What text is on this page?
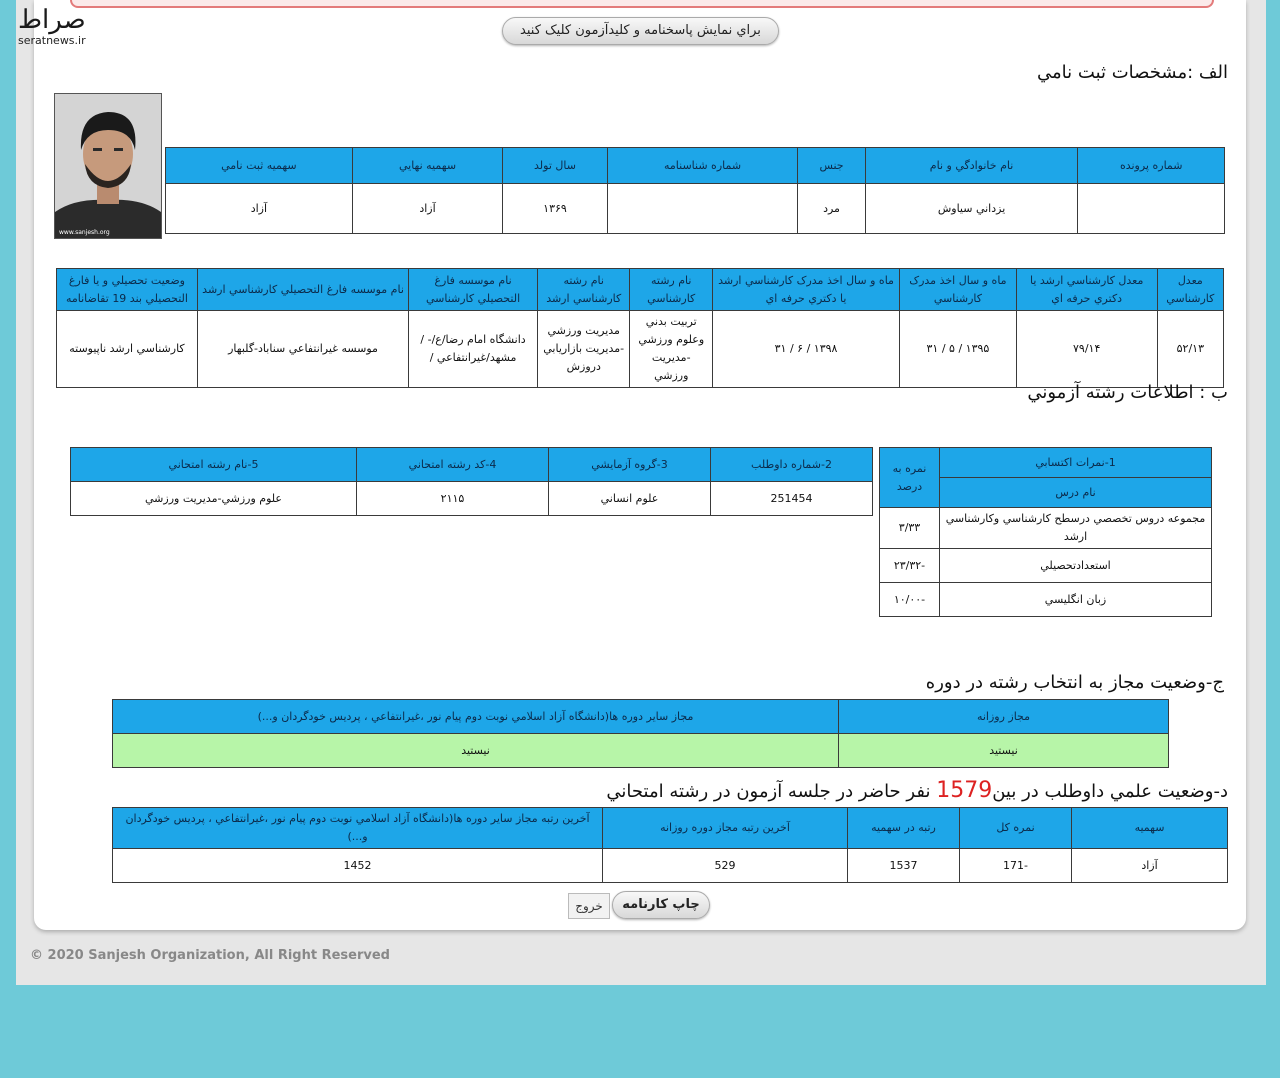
صراط
seratnews.ir
براي نمايش پاسخنامه و کليدآزمون کليک کنيد
الف :مشخصات ثبت نامي
www.sanjesh.org
شماره پرونده	نام خانوادگي و نام	جنس	شماره شناسنامه	سال تولد	سهميه نهايي	سهميه ثبت نامي
	يزداني سياوش	مرد		١٣۶٩	آزاد	آزاد
معدل کارشناسي	معدل کارشناسي ارشد يا دکتري حرفه اي	ماه و سال اخذ مدرک کارشناسي	ماه و سال اخذ مدرک کارشناسي ارشد يا دکتري حرفه اي	نام رشته کارشناسي	نام رشته کارشناسي ارشد	نام موسسه فارغ التحصيلي کارشناسي	نام موسسه فارغ التحصيلي کارشناسي ارشد	وضعيت تحصيلي و يا فارغ التحصيلي بند 19 تقاضانامه
١٣/۵٢	١۴/٧٩	١٣٩۵ / ۵ / ٣١	١٣٩٨ / ۶ / ٣١	تربيت بدني وعلوم ورزشي -مديريت ورزشي	مديريت ورزشي -مديريت بازاريابي دروزش	دانشگاه امام رضا/ع/- / مشهد/غيرانتفاعي /	موسسه غيرانتفاعي سناباد-گلبهار	کارشناسي ارشد ناپيوسته
ب : اطلاعات رشته آزموني
1-نمرات اکتسابي	نمره به درصد
نام درس	
مجموعه دروس تخصصي درسطح کارشناسي وکارشناسي ارشد	٣/٣٣
استعدادتحصيلي	-٢٣/٣٢
زبان انگليسي	-١٠/٠٠
2-شماره داوطلب	3-گروه آزمايشي	4-کد رشته امتحاني	5-نام رشته امتحاني
251454	علوم انساني	٢١١۵	علوم ورزشي-مديريت ورزشي
ج-وضعيت مجاز به انتخاب رشته در دوره
مجاز روزانه	مجاز ساير دوره ها(دانشگاه آزاد اسلامي نوبت دوم پيام نور ،غيرانتفاعي ، پرديس خودگردان و...)
نيستيد	نيستيد
د-وضعيت علمي داوطلب در بين1579 نفر حاضر در جلسه آزمون در رشته امتحاني
سهميه	نمره کل	رتبه در سهميه	آخرين رتبه مجاز دوره روزانه	آخرين رتبه مجاز ساير دوره ها(دانشگاه آزاد اسلامي نوبت دوم پيام نور ،غيرانتفاعي ، پرديس خودگردان و...)
آزاد	-171	1537	529	1452
چاپ کارنامه
خروج
© 2020 Sanjesh Organization, All Right Reserved
